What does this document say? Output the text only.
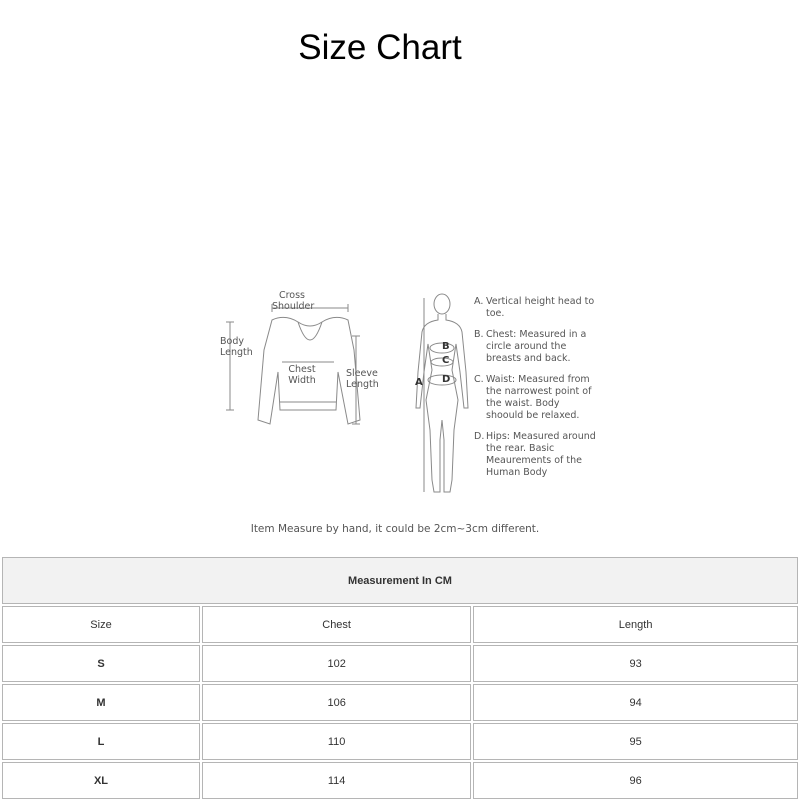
Size Chart
Cross
Shoulder
Body
Length
Chest
Width
Sleeve
Length
B
C
A D
A. Vertical height head to toe.
B. Chest: Measured in a circle around the breasts and back.
C. Waist: Measured from the narrowest point of the waist. Body shoould be relaxed.
D. Hips: Measured around the rear. Basic Meaurements of the Human Body
Item Measure by hand, it could be 2cm~3cm different.
Measurement In CM		
Size	Chest	Length
S	102	93
M	106	94
L	110	95
XL	114	96
